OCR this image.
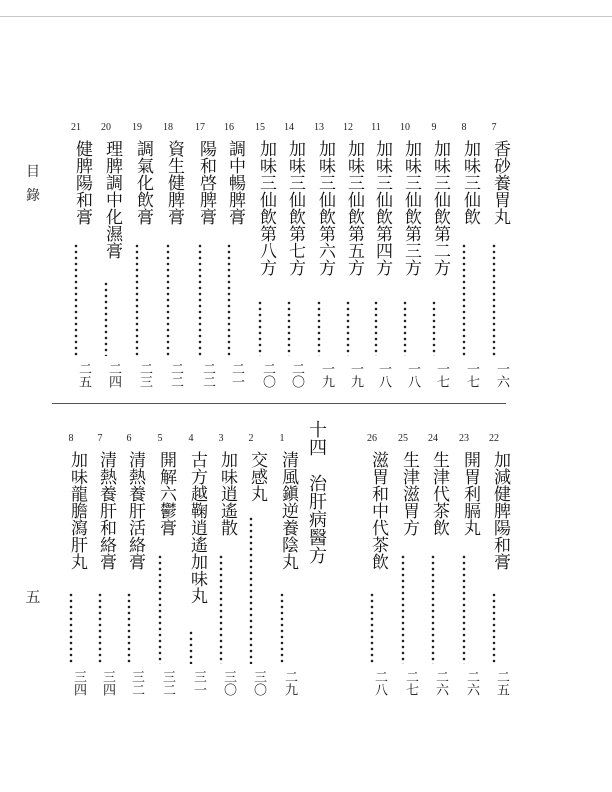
目
錄
五
7
香砂養胃丸
一六
8
加味三仙飲
一七
9
加味三仙飲第二方
一七
10
加味三仙飲第三方
一八
11
加味三仙飲第四方
一八
12
加味三仙飲第五方
一九
13
加味三仙飲第六方
一九
14
加味三仙飲第七方
二〇
15
加味三仙飲第八方
二〇
16
調中暢脾膏
二一
17
陽和啓脾膏
二二
18
資生健脾膏
二二
19
調氣化飲膏
二三
20
理脾調中化濕膏
二四
21
健脾陽和膏
二五
22
加減健脾陽和膏
二五
23
開胃利膈丸
二六
24
生津代茶飲
二六
25
生津滋胃方
二七
26
滋胃和中代茶飲
二八
1
清風鎭逆養陰丸
二九
2
交感丸
三〇
3
加味逍遙散
三〇
4
古方越鞠逍遙加味丸
三一
5
開解六鬱膏
三二
6
清熱養肝活絡膏
三二
7
清熱養肝和絡膏
三四
8
加味龍膽瀉肝丸
三四
十四　治肝病醫方
